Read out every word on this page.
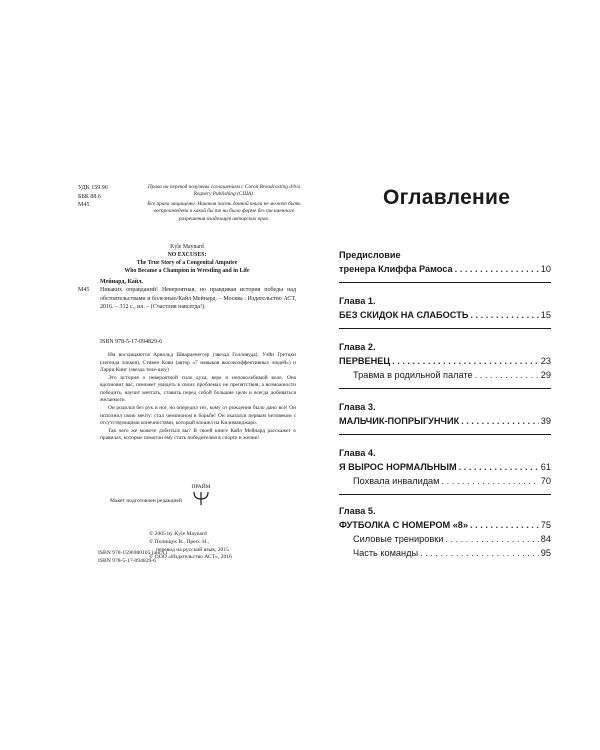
УДК 159.96
ББК 88.6
М45

Права на перевод получены соглашением с Caron Broadcasting d/b/a Regnery Publishing (США).

Все права защищены. Никакая часть данной книги не может быть воспроизведена в какой бы то ни было форме без письменного разрешения владельцев авторских прав.

Kyle Maynard
NO EXCUSES:
The True Story of a Congenital Amputee
Who Became a Champion in Wrestling and in Life
Мейнард, Кайл.
М45 Никаких оправданий! Невероятная, но правдивая история победы над обстоятельствами и болезнью/Кайл Мейнард. – Москва : Издательство АСТ, 2016. – 312 с., ил. – (Счастлив навсегда!).
ISBN 978-5-17-094829-6

Им восхищаются Арнольд Шварценеггер (звезда Голливуда), Уэйн Гретцки (легенда хоккея), Стивен Кови (автор «7 навыков высокоэффективных людей») и Ларри Кинг (звезда теле-шоу)

Это история о невероятной силе духа, вере и непоколебимой воле. Она вдохновит вас, поможет увидеть в своих проблемах не препятствия, а возможности победить, научит мечтать, ставить перед собой большие цели и всегда добиваться желаемого.

Он родился без рук и ног, но опередил тех, кому от рождения было дано все! Он исполнил свою мечту: стал чемпионом в борьбе! Он оказался первым человеком с отсутствующими конечностями, который взошел на Килиманджаро.

Так чего же можете добиться вы? В своей книге Кайл Мейнард расскажет о правилах, которые помогли ему стать победителем в спорте и жизни!

Макет подготовлен редакцией
ПРАЙМ
© 2005 by Kyle Maynard
© Полищук В., Пресс Н.,
перевод на русский язык, 2015
© ООО «Издательство АСТ», 2016
ISBN 978-1596980105 (англ.)
ISBN 978-5-17-094829-6
Оглавление
Предисловие
тренера Клиффа Рамоса . . .	10
Глава 1.
БЕЗ СКИДОК НА СЛАБОСТЬ . . .	15
Глава 2.
ПЕРВЕНЕЦ . . .	23
Травма в родильной палате . . .	29
Глава 3.
МАЛЬЧИК-ПОПРЫГУНЧИК . . .	39
Глава 4.
Я ВЫРОС НОРМАЛЬНЫМ . . .	61
Похвала инвалидам . . .	70
Глава 5.
ФУТБОЛКА С НОМЕРОМ «8» . . .	75
Силовые тренировки . . .	84
Часть команды . . .	95
